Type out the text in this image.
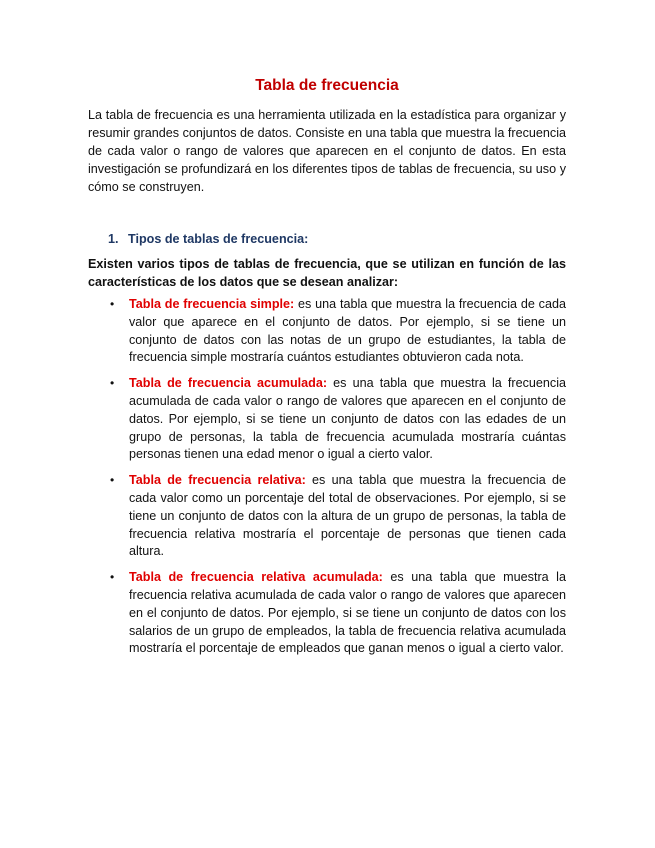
Tabla de frecuencia

La tabla de frecuencia es una herramienta utilizada en la estadística para organizar y resumir grandes conjuntos de datos. Consiste en una tabla que muestra la frecuencia de cada valor o rango de valores que aparecen en el conjunto de datos. En esta investigación se profundizará en los diferentes tipos de tablas de frecuencia, su uso y cómo se construyen.

1. Tipos de tablas de frecuencia:

Existen varios tipos de tablas de frecuencia, que se utilizan en función de las características de los datos que se desean analizar:

• Tabla de frecuencia simple: es una tabla que muestra la frecuencia de cada valor que aparece en el conjunto de datos. Por ejemplo, si se tiene un conjunto de datos con las notas de un grupo de estudiantes, la tabla de frecuencia simple mostraría cuántos estudiantes obtuvieron cada nota.
• Tabla de frecuencia acumulada: es una tabla que muestra la frecuencia acumulada de cada valor o rango de valores que aparecen en el conjunto de datos. Por ejemplo, si se tiene un conjunto de datos con las edades de un grupo de personas, la tabla de frecuencia acumulada mostraría cuántas personas tienen una edad menor o igual a cierto valor.
• Tabla de frecuencia relativa: es una tabla que muestra la frecuencia de cada valor como un porcentaje del total de observaciones. Por ejemplo, si se tiene un conjunto de datos con la altura de un grupo de personas, la tabla de frecuencia relativa mostraría el porcentaje de personas que tienen cada altura.
• Tabla de frecuencia relativa acumulada: es una tabla que muestra la frecuencia relativa acumulada de cada valor o rango de valores que aparecen en el conjunto de datos. Por ejemplo, si se tiene un conjunto de datos con los salarios de un grupo de empleados, la tabla de frecuencia relativa acumulada mostraría el porcentaje de empleados que ganan menos o igual a cierto valor.
